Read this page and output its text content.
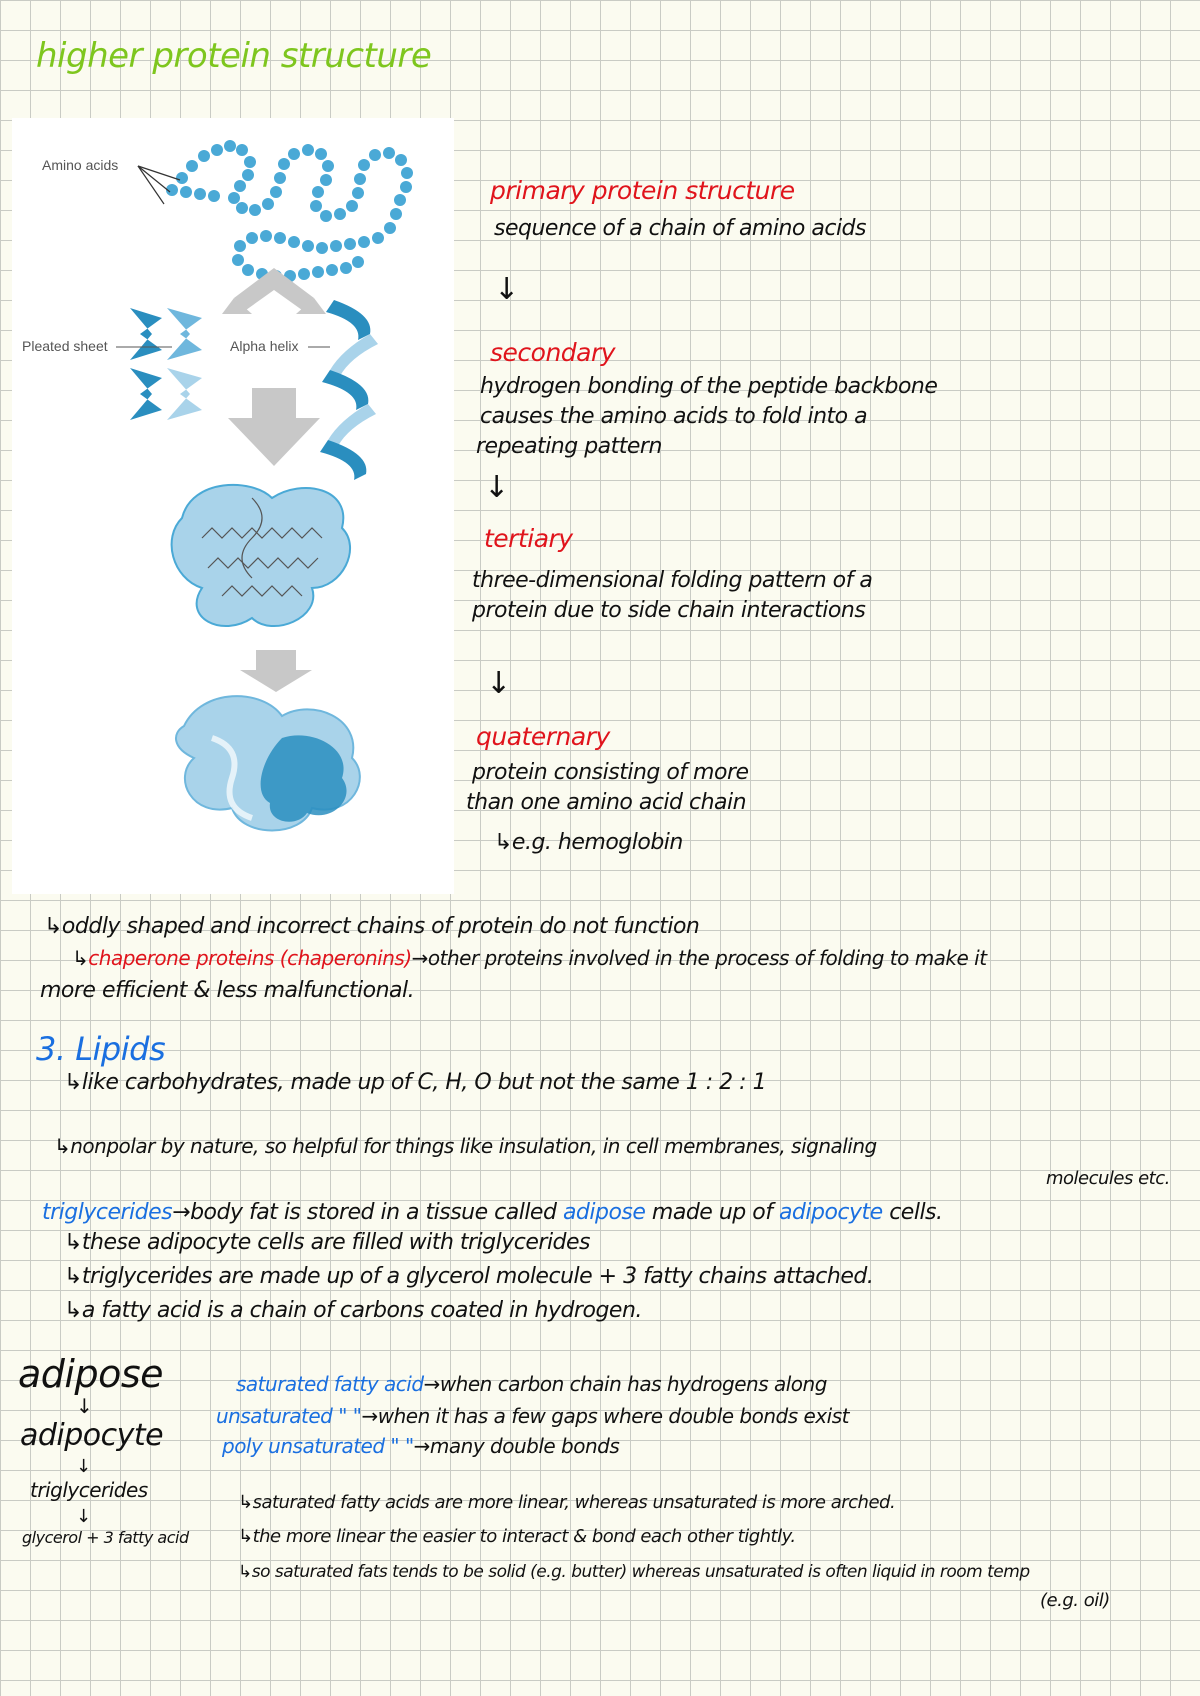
higher protein structure
Amino acids
Pleated sheet	Alpha helix
primary protein structure
sequence of a chain of amino acids
↓
secondary
hydrogen bonding of the peptide backbone
causes the amino acids to fold into a
repeating pattern
↓
tertiary
three-dimensional folding pattern of a
protein due to side chain interactions
↓
quaternary
protein consisting of more
than one amino acid chain
↳e.g. hemoglobin
↳oddly shaped and incorrect chains of protein do not function
↳chaperone proteins (chaperonins)→other proteins involved in the process of folding to make it
more efficient & less malfunctional.
3. Lipids
↳like carbohydrates, made up of C, H, O but not the same 1 : 2 : 1
↳nonpolar by nature, so helpful for things like insulation, in cell membranes, signaling
molecules etc.
triglycerides→body fat is stored in a tissue called adipose made up of adipocyte cells.
↳these adipocyte cells are filled with triglycerides
↳triglycerides are made up of a glycerol molecule + 3 fatty chains attached.
↳a fatty acid is a chain of carbons coated in hydrogen.
adipose
↓
adipocyte
↓
triglycerides
↓
glycerol + 3 fatty acid
saturated fatty acid→when carbon chain has hydrogens along
unsaturated " "→when it has a few gaps where double bonds exist
poly unsaturated " "→many double bonds
↳saturated fatty acids are more linear, whereas unsaturated is more arched.
↳the more linear the easier to interact & bond each other tightly.
↳so saturated fats tends to be solid (e.g. butter) whereas unsaturated is often liquid in room temp
(e.g. oil)
